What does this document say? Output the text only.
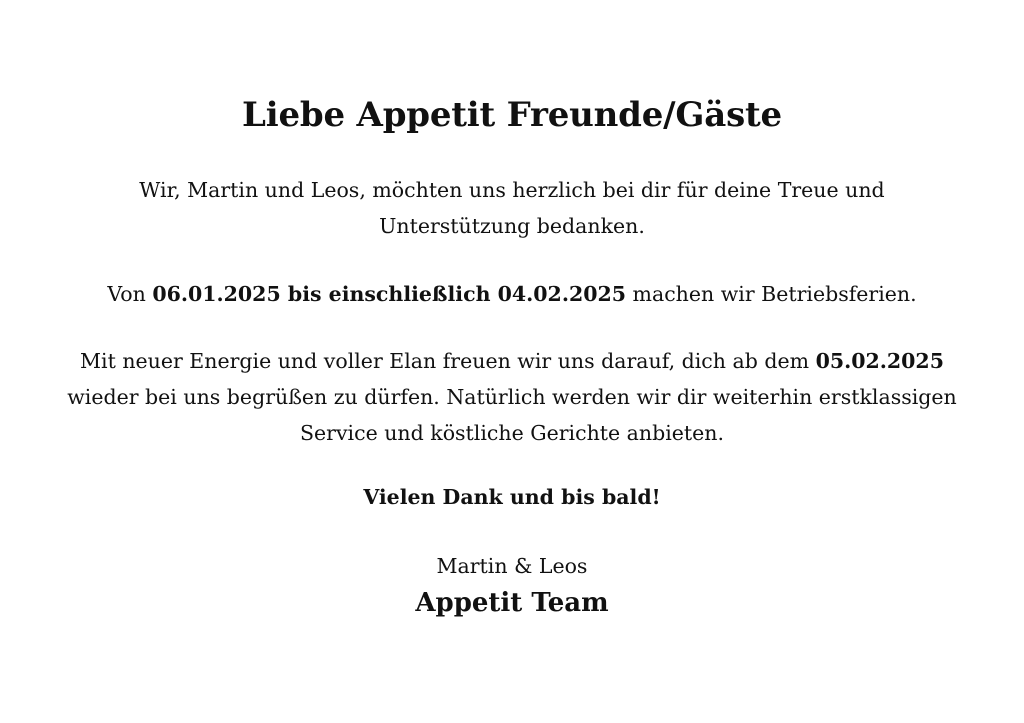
Liebe Appetit Freunde/Gäste

Wir, Martin und Leos, möchten uns herzlich bei dir für deine Treue und
Unterstützung bedanken.

Von 06.01.2025 bis einschließlich 04.02.2025 machen wir Betriebsferien.

Mit neuer Energie und voller Elan freuen wir uns darauf, dich ab dem 05.02.2025
wieder bei uns begrüßen zu dürfen. Natürlich werden wir dir weiterhin erstklassigen
Service und köstliche Gerichte anbieten.

Vielen Dank und bis bald!

Martin & Leos

Appetit Team
